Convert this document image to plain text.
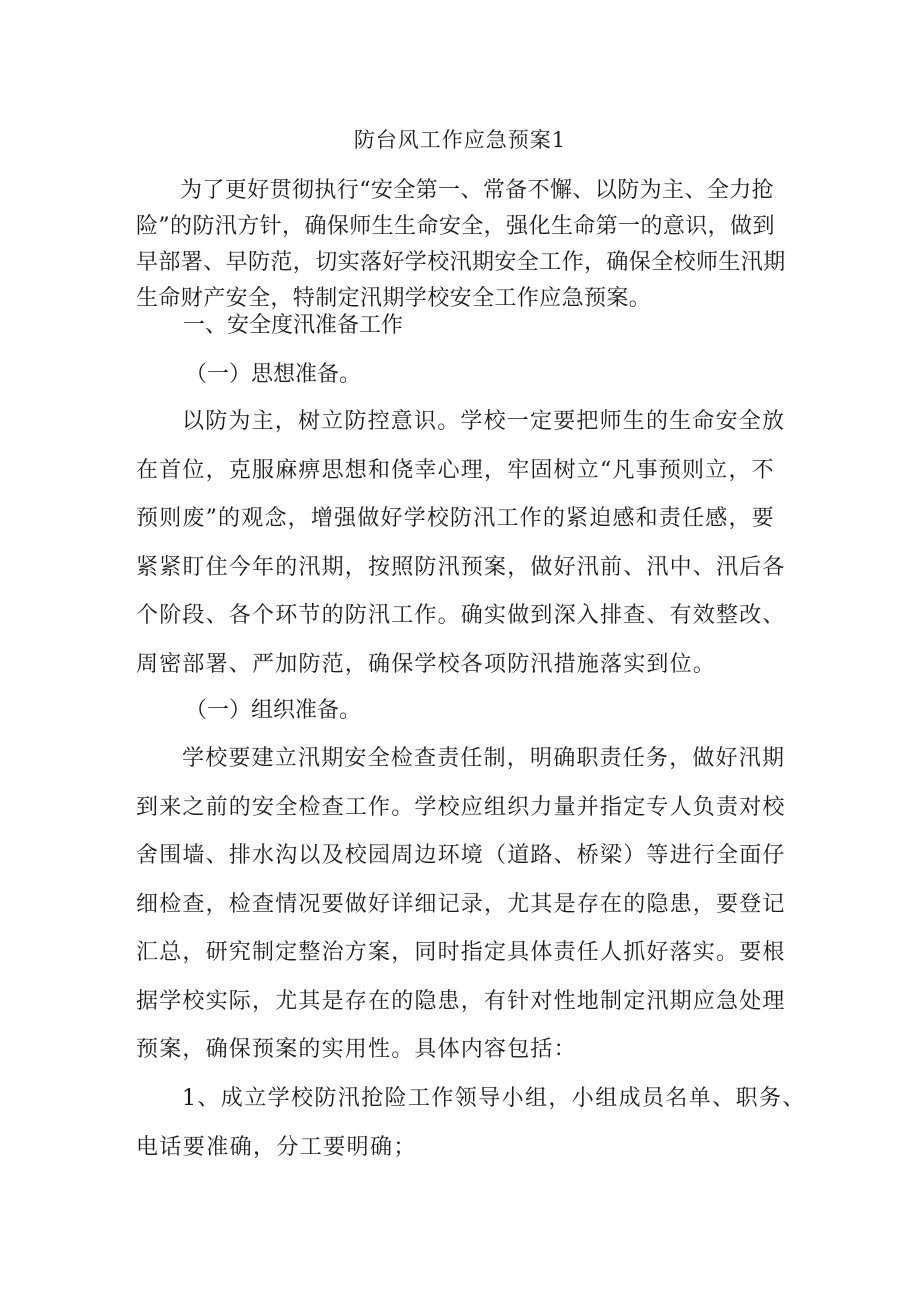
防台风工作应急预案1

为了更好贯彻执行“安全第一、常备不懈、以防为主、全力抢险”的防汛方针，确保师生生命安全，强化生命第一的意识，做到早部署、早防范，切实落好学校汛期安全工作，确保全校师生汛期生命财产安全，特制定汛期学校安全工作应急预案。

一、安全度汛准备工作

（一）思想准备。

以防为主，树立防控意识。学校一定要把师生的生命安全放在首位，克服麻痹思想和侥幸心理，牢固树立“凡事预则立，不预则废”的观念，增强做好学校防汛工作的紧迫感和责任感，要紧紧盯住今年的汛期，按照防汛预案，做好汛前、汛中、汛后各个阶段、各个环节的防汛工作。确实做到深入排查、有效整改、周密部署、严加防范，确保学校各项防汛措施落实到位。

（一）组织准备。

学校要建立汛期安全检查责任制，明确职责任务，做好汛期到来之前的安全检查工作。学校应组织力量并指定专人负责对校舍围墙、排水沟以及校园周边环境（道路、桥梁）等进行全面仔细检查，检查情况要做好详细记录，尤其是存在的隐患，要登记汇总，研究制定整治方案，同时指定具体责任人抓好落实。要根据学校实际，尤其是存在的隐患，有针对性地制定汛期应急处理预案，确保预案的实用性。具体内容包括：

1、成立学校防汛抢险工作领导小组，小组成员名单、职务、电话要准确，分工要明确；
